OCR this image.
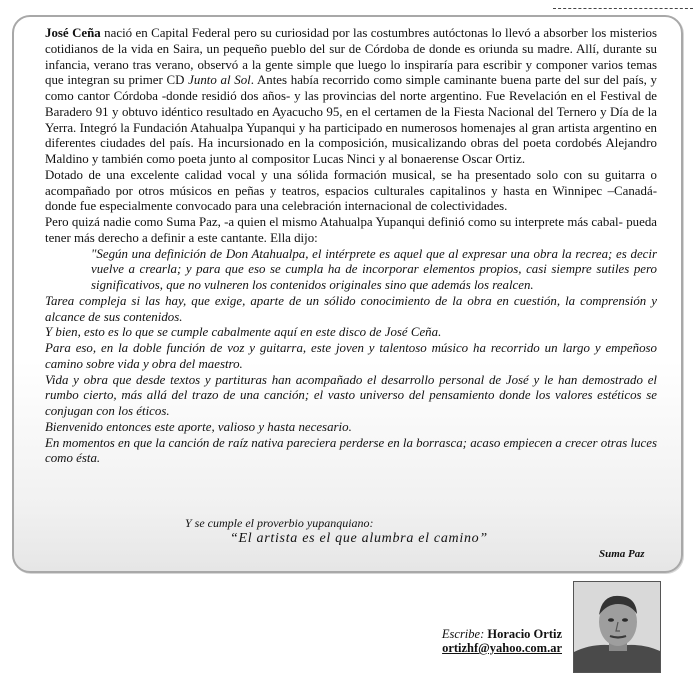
José Ceña nació en Capital Federal pero su curiosidad por las costumbres autóctonas lo llevó a absorber los misterios cotidianos de la vida en Saira, un pequeño pueblo del sur de Córdoba de donde es oriunda su madre. Allí, durante su infancia, verano tras verano, observó a la gente simple que luego lo inspiraría para escribir y componer varios temas que integran su primer CD Junto al Sol. Antes había recorrido como simple caminante buena parte del sur del país, y como cantor Córdoba -donde residió dos años- y las provincias del norte argentino. Fue Revelación en el Festival de Baradero 91 y obtuvo idéntico resultado en Ayacucho 95, en el certamen de la Fiesta Nacional del Ternero y Día de la Yerra. Integró la Fundación Atahualpa Yupanqui y ha participado en numerosos homenajes al gran artista argentino en diferentes ciudades del país. Ha incursionado en la composición, musicalizando obras del poeta cordobés Alejandro Maldino y también como poeta junto al compositor Lucas Ninci y al bonaerense Oscar Ortiz.

Dotado de una excelente calidad vocal y una sólida formación musical, se ha presentado solo con su guitarra o acompañado por otros músicos en peñas y teatros, espacios culturales capitalinos y hasta en Winnipec –Canadá- donde fue especialmente convocado para una celebración internacional de colectividades.

Pero quizá nadie como Suma Paz, -a quien el mismo Atahualpa Yupanqui definió como su interprete más cabal- pueda tener más derecho a definir a este cantante. Ella dijo:

"Según una definición de Don Atahualpa, el intérprete es aquel que al expresar una obra la recrea; es decir vuelve a crearla; y para que eso se cumpla ha de incorporar elementos propios, casi siempre sutiles pero significativos, que no vulneren los contenidos originales sino que además los realcen.

Tarea compleja si las hay, que exige, aparte de un sólido conocimiento de la obra en cuestión, la comprensión y alcance de sus contenidos.

Y bien, esto es lo que se cumple cabalmente aquí en este disco de José Ceña.

Para eso, en la doble función de voz y guitarra, este joven y talentoso músico ha recorrido un largo y empeñoso camino sobre vida y obra del maestro.

Vida y obra que desde textos y partituras han acompañado el desarrollo personal de José y le han demostrado el rumbo cierto, más allá del trazo de una canción; el vasto universo del pensamiento donde los valores estéticos se conjugan con los éticos.

Bienvenido entonces este aporte, valioso y hasta necesario.

En momentos en que la canción de raíz nativa pareciera perderse en la borrasca; acaso empiecen a crecer otras luces como ésta.

Y se cumple el proverbio yupanquiano:
“El artista es el que alumbra el camino”
Suma Paz
Escribe: Horacio Ortiz
ortizhf@yahoo.com.ar
